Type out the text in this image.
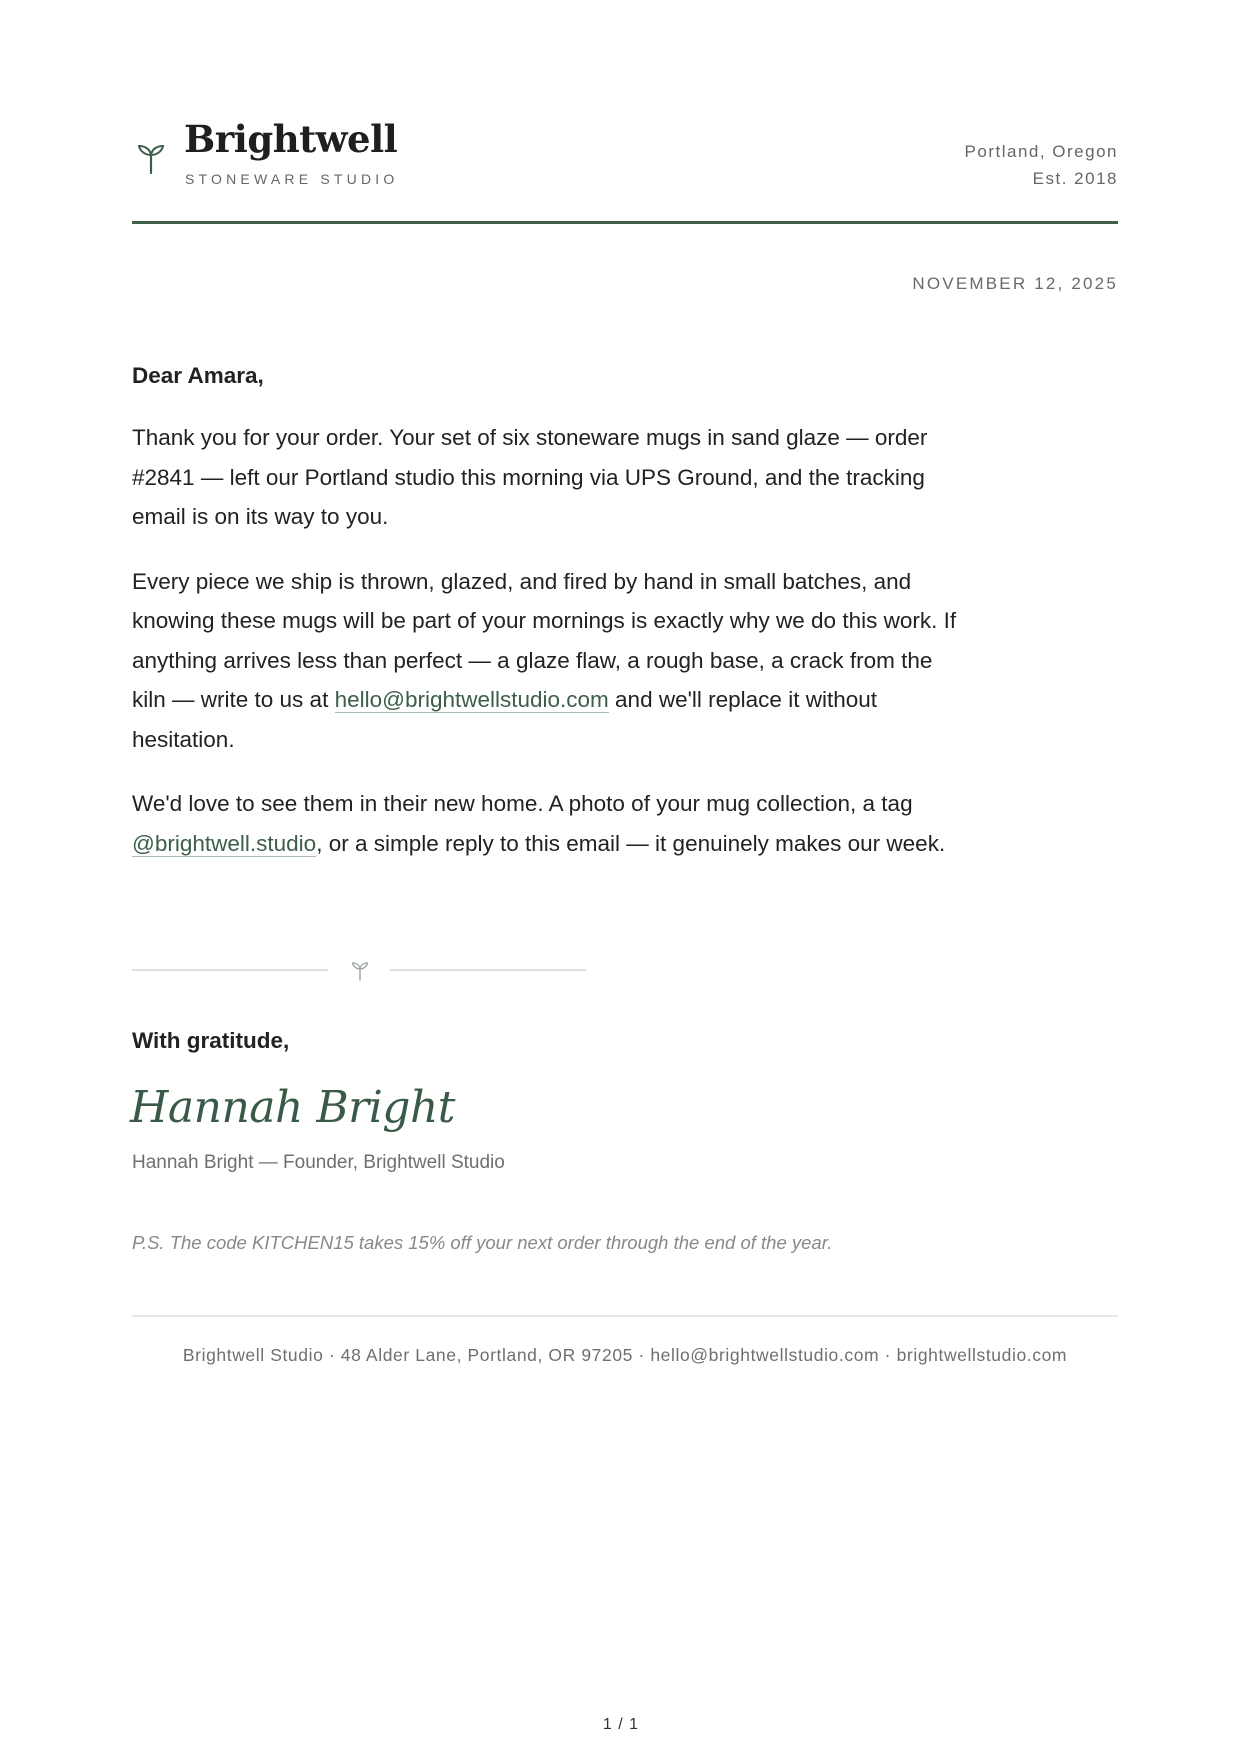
Brightwell
STONEWARE STUDIO
Portland, Oregon
Est. 2018
NOVEMBER 12, 2025

Dear Amara,

Thank you for your order. Your set of six stoneware mugs in sand glaze — order #2841 — left our Portland studio this morning via UPS Ground, and the tracking email is on its way to you.

Every piece we ship is thrown, glazed, and fired by hand in small batches, and knowing these mugs will be part of your mornings is exactly why we do this work. If anything arrives less than perfect — a glaze flaw, a rough base, a crack from the kiln — write to us at hello@brightwellstudio.com and we'll replace it without hesitation.

We'd love to see them in their new home. A photo of your mug collection, a tag @brightwell.studio, or a simple reply to this email — it genuinely makes our week.

With gratitude,
Hannah Bright
Hannah Bright — Founder, Brightwell Studio
P.S. The code KITCHEN15 takes 15% off your next order through the end of the year.
Brightwell Studio · 48 Alder Lane, Portland, OR 97205 · hello@brightwellstudio.com · brightwellstudio.com
1 / 1
